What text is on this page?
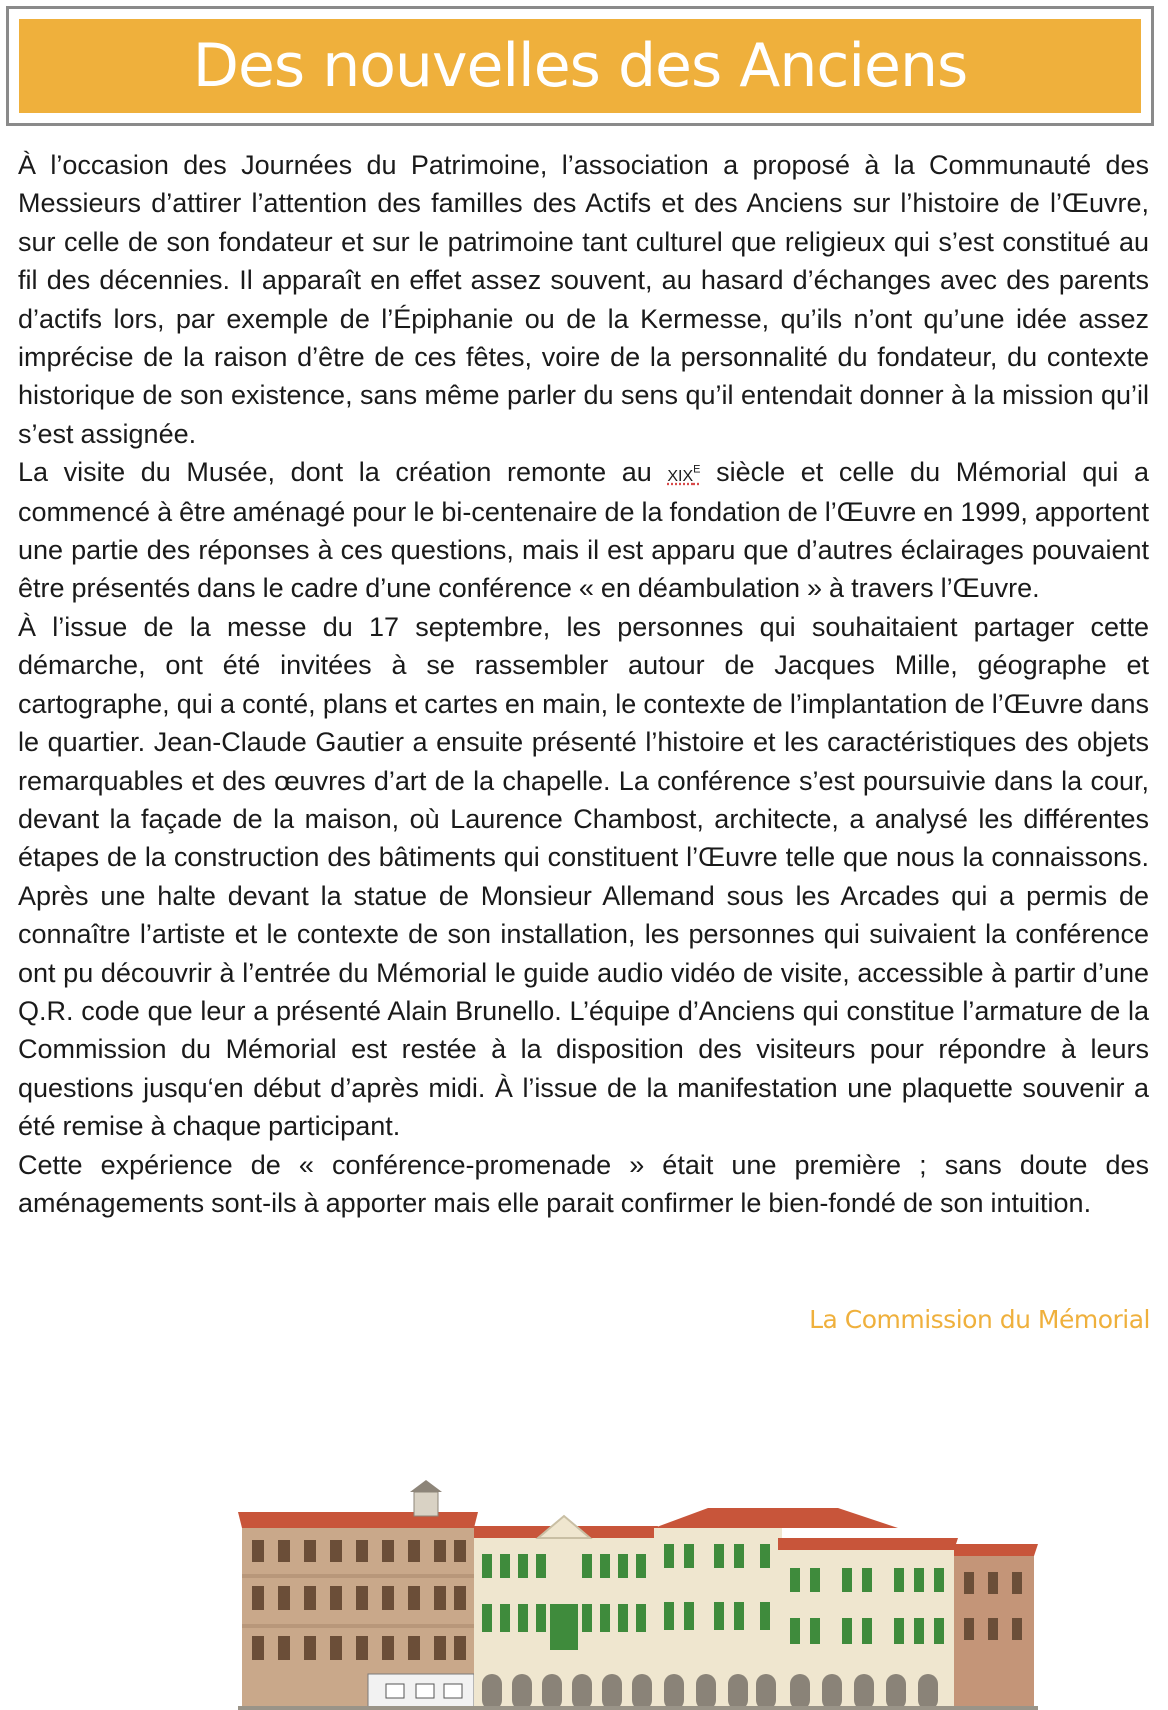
Des nouvelles des Anciens

À l’occasion des Journées du Patrimoine, l’association a proposé à la Communauté des Messieurs d’attirer l’attention des familles des Actifs et des Anciens sur l’histoire de l’Œuvre, sur celle de son fondateur et sur le patrimoine tant culturel que religieux qui s’est constitué au fil des décennies. Il apparaît en effet assez souvent, au hasard d’échanges avec des parents d’actifs lors, par exemple de l’Épiphanie ou de la Kermesse, qu’ils n’ont qu’une idée assez imprécise de la raison d’être de ces fêtes, voire de la personnalité du fondateur, du contexte historique de son existence, sans même parler du sens qu’il entendait donner à la mission qu’il s’est assignée.

La visite du Musée, dont la création remonte au xix$^e$ siècle et celle du Mémorial qui a commencé à être aménagé pour le bi-centenaire de la fondation de l’Œuvre en 1999, apportent une partie des réponses à ces questions, mais il est apparu que d’autres éclairages pouvaient être présentés dans le cadre d’une conférence « en déambulation » à travers l’Œuvre.

À l’issue de la messe du 17 septembre, les personnes qui souhaitaient partager cette démarche, ont été invitées à se rassembler autour de Jacques Mille, géographe et cartographe, qui a conté, plans et cartes en main, le contexte de l’implantation de l’Œuvre dans le quartier. Jean-Claude Gautier a ensuite présenté l’histoire et les caractéristiques des objets remarquables et des œuvres d’art de la chapelle. La conférence s’est poursuivie dans la cour, devant la façade de la maison, où Laurence Chambost, architecte, a analysé les différentes étapes de la construction des bâtiments qui constituent l’Œuvre telle que nous la connaissons. Après une halte devant la statue de Monsieur Allemand sous les Arcades qui a permis de connaître l’artiste et le contexte de son installation, les personnes qui suivaient la conférence ont pu découvrir à l’entrée du Mémorial le guide audio vidéo de visite, accessible à partir d’une Q.R. code que leur a présenté Alain Brunello. L’équipe d’Anciens qui constitue l’armature de la Commission du Mémorial est restée à la disposition des visiteurs pour répondre à leurs questions jusqu‘en début d’après midi. À l’issue de la manifestation une plaquette souvenir a été remise à chaque participant.

Cette expérience de « conférence-promenade » était une première ; sans doute des aménagements sont-ils à apporter mais elle parait confirmer le bien-fondé de son intuition.

La Commission du Mémorial
